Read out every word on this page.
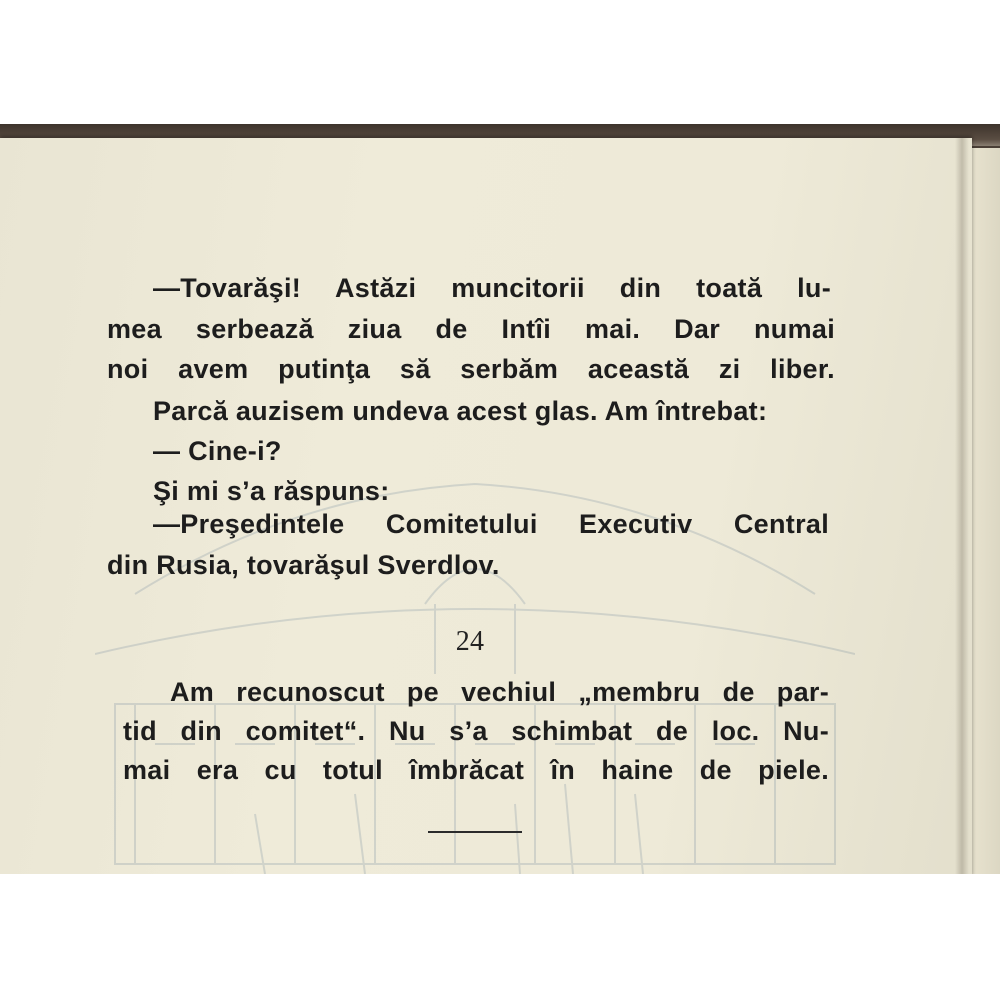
—Tovarăşi! Astăzi muncitorii din toată lu-
mea serbează ziua de Intîi mai. Dar numai
noi avem putinţa să serbăm această zi liber.
Parcă auzisem undeva acest glas. Am întrebat:
— Cine-i?
Şi mi s’a răspuns:
—Preşedintele Comitetului Executiv Central
din Rusia, tovarăşul Sverdlov.
24
Am recunoscut pe vechiul „membru de par-
tid din comitet“. Nu s’a schimbat de loc. Nu-
mai era cu totul îmbrăcat în haine de piele.
